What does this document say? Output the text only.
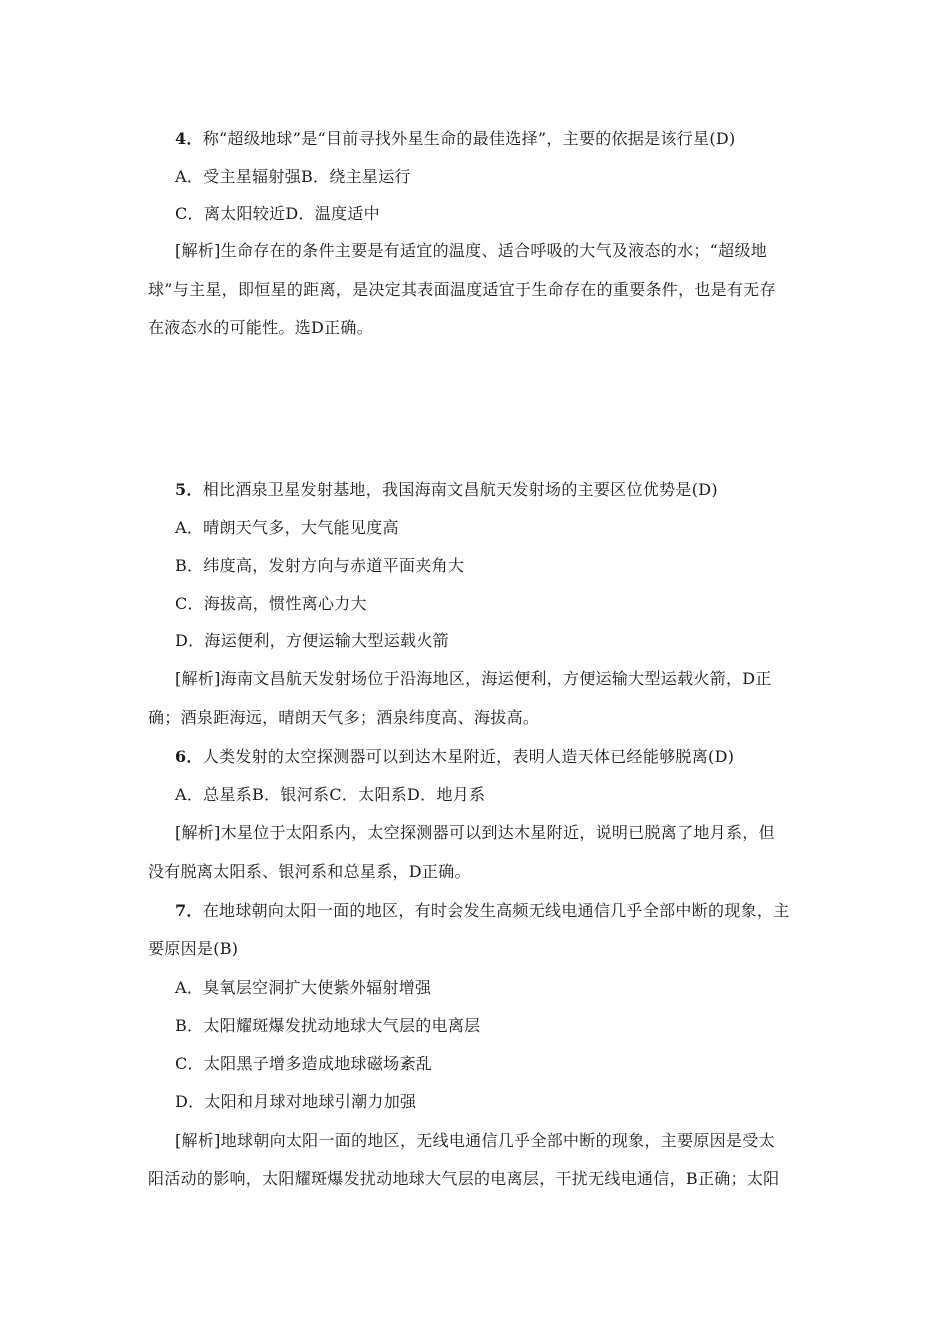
4．称“超级地球”是“目前寻找外星生命的最佳选择”，主要的依据是该行星(D)
A．受主星辐射强B．绕主星运行
C．离太阳较近D．温度适中
[解析]生命存在的条件主要是有适宜的温度、适合呼吸的大气及液态的水；“超级地
球”与主星，即恒星的距离，是决定其表面温度适宜于生命存在的重要条件，也是有无存
在液态水的可能性。选D正确。
5．相比酒泉卫星发射基地，我国海南文昌航天发射场的主要区位优势是(D)
A．晴朗天气多，大气能见度高
B．纬度高，发射方向与赤道平面夹角大
C．海拔高，惯性离心力大
D．海运便利，方便运输大型运载火箭
[解析]海南文昌航天发射场位于沿海地区，海运便利，方便运输大型运载火箭，D正
确；酒泉距海远，晴朗天气多；酒泉纬度高、海拔高。
6．人类发射的太空探测器可以到达木星附近，表明人造天体已经能够脱离(D)
A．总星系B．银河系C．太阳系D．地月系
[解析]木星位于太阳系内，太空探测器可以到达木星附近，说明已脱离了地月系，但
没有脱离太阳系、银河系和总星系，D正确。
7．在地球朝向太阳一面的地区，有时会发生高频无线电通信几乎全部中断的现象，主
要原因是(B)
A．臭氧层空洞扩大使紫外辐射增强
B．太阳耀斑爆发扰动地球大气层的电离层
C．太阳黑子增多造成地球磁场紊乱
D．太阳和月球对地球引潮力加强
[解析]地球朝向太阳一面的地区，无线电通信几乎全部中断的现象，主要原因是受太
阳活动的影响，太阳耀斑爆发扰动地球大气层的电离层，干扰无线电通信，B正确；太阳
